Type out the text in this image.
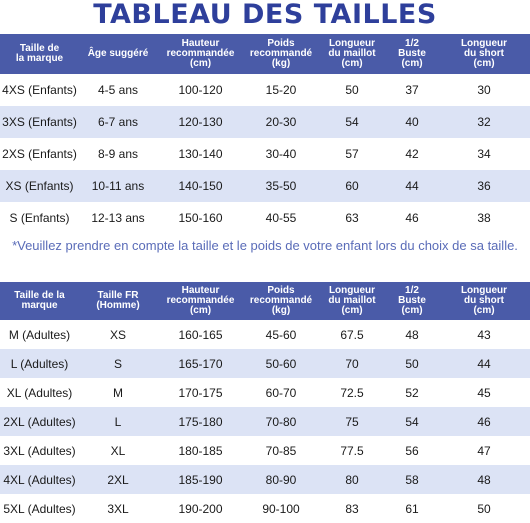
TABLEAU DES TAILLES
Taille de
la marque	Âge suggéré	Hauteur
recommandée
(cm)	Poids
recommandé
(kg)	Longueur
du maillot
(cm)	1/2
Buste
(cm)	Longueur
du short
(cm)
4XS (Enfants)	4-5 ans	100-120	15-20	50	37	30
3XS (Enfants)	6-7 ans	120-130	20-30	54	40	32
2XS (Enfants)	8-9 ans	130-140	30-40	57	42	34
XS (Enfants)	10-11 ans	140-150	35-50	60	44	36
S (Enfants)	12-13 ans	150-160	40-55	63	46	38
*Veuillez prendre en compte la taille et le poids de votre enfant lors du choix de sa taille.
Taille de la
marque	Taille FR
(Homme)	Hauteur
recommandée
(cm)	Poids
recommandé
(kg)	Longueur
du maillot
(cm)	1/2
Buste
(cm)	Longueur
du short
(cm)
M (Adultes)	XS	160-165	45-60	67.5	48	43
L (Adultes)	S	165-170	50-60	70	50	44
XL (Adultes)	M	170-175	60-70	72.5	52	45
2XL (Adultes)	L	175-180	70-80	75	54	46
3XL (Adultes)	XL	180-185	70-85	77.5	56	47
4XL (Adultes)	2XL	185-190	80-90	80	58	48
5XL (Adultes)	3XL	190-200	90-100	83	61	50
